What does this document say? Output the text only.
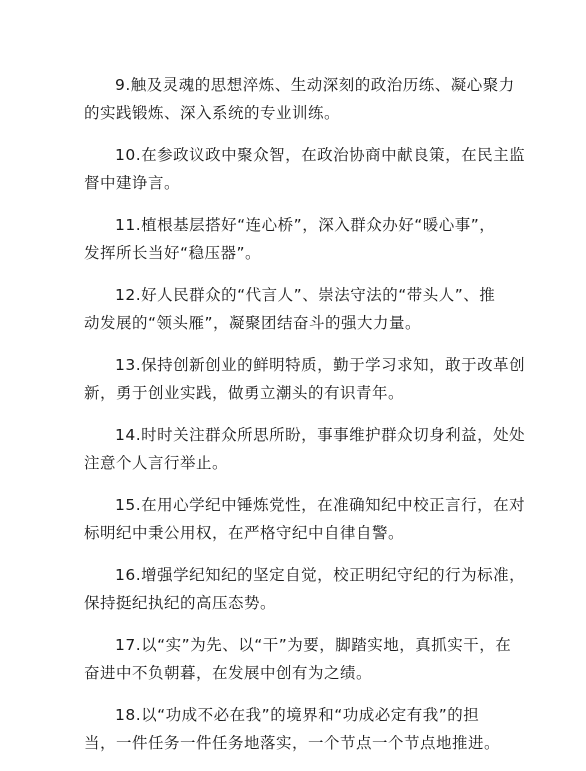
9.触及灵魂的思想淬炼、生动深刻的政治历练、凝心聚力
的实践锻炼、深入系统的专业训练。
10.在参政议政中聚众智，在政治协商中献良策，在民主监
督中建诤言。
11.植根基层搭好“连心桥”，深入群众办好“暖心事”，
发挥所长当好“稳压器”。
12.好人民群众的“代言人”、崇法守法的“带头人”、推
动发展的“领头雁”，凝聚团结奋斗的强大力量。
13.保持创新创业的鲜明特质，勤于学习求知，敢于改革创
新，勇于创业实践，做勇立潮头的有识青年。
14.时时关注群众所思所盼，事事维护群众切身利益，处处
注意个人言行举止。
15.在用心学纪中锤炼党性，在准确知纪中校正言行，在对
标明纪中秉公用权，在严格守纪中自律自警。
16.增强学纪知纪的坚定自觉，校正明纪守纪的行为标准，
保持挺纪执纪的高压态势。
17.以“实”为先、以“干”为要，脚踏实地，真抓实干，在
奋进中不负朝暮，在发展中创有为之绩。
18.以“功成不必在我”的境界和“功成必定有我”的担
当，一件任务一件任务地落实，一个节点一个节点地推进。
